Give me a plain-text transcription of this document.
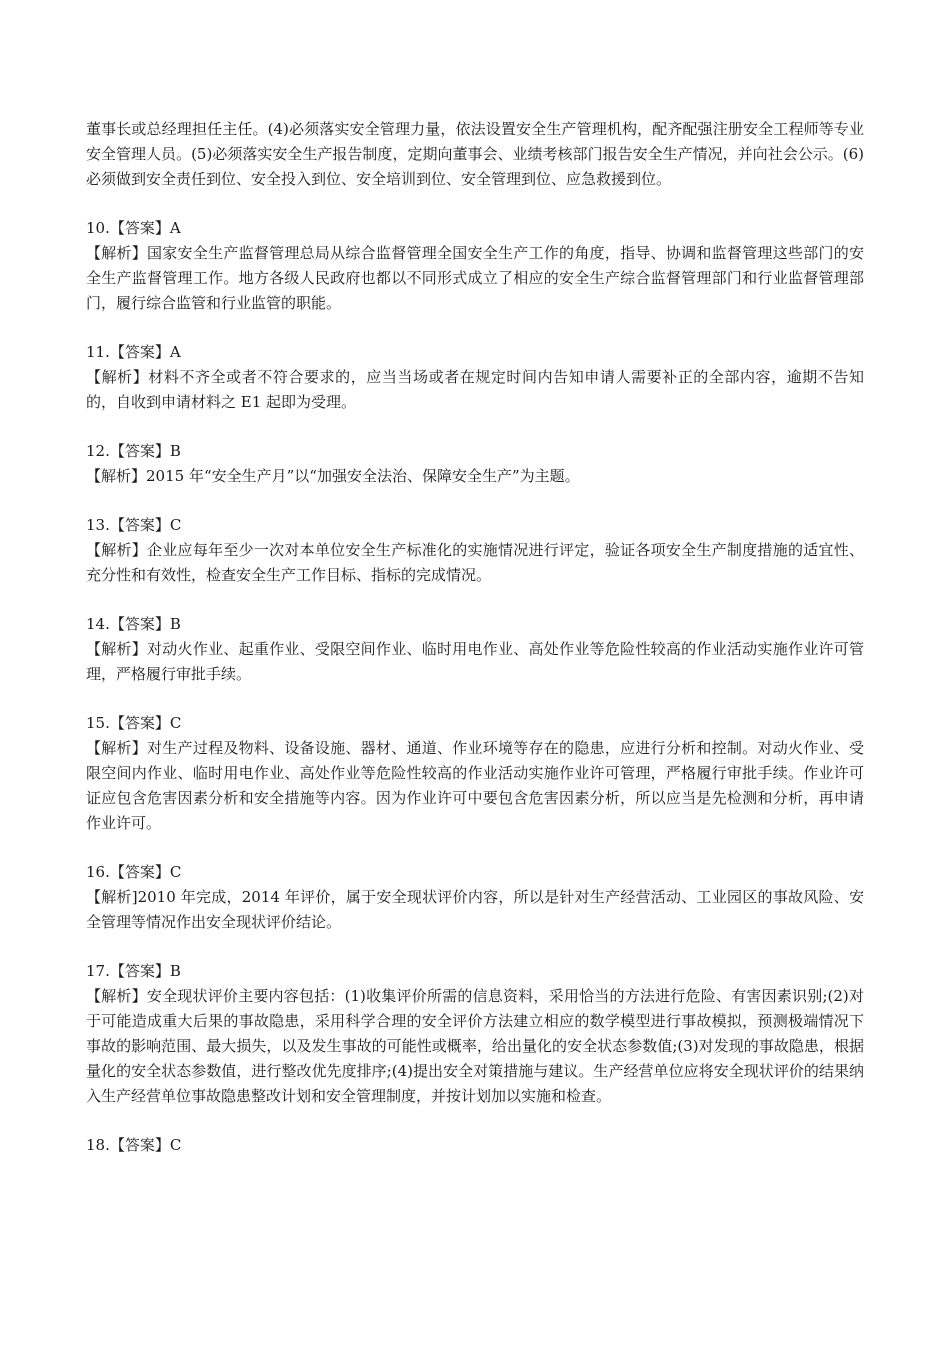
董事长或总经理担任主任。(4)必须落实安全管理力量，依法设置安全生产管理机构，配齐配强注册安全工程师等专业安全管理人员。(5)必须落实安全生产报告制度，定期向董事会、业绩考核部门报告安全生产情况，并向社会公示。(6)必须做到安全责任到位、安全投入到位、安全培训到位、安全管理到位、应急救援到位。

10.【答案】A

【解析】国家安全生产监督管理总局从综合监督管理全国安全生产工作的角度，指导、协调和监督管理这些部门的安全生产监督管理工作。地方各级人民政府也都以不同形式成立了相应的安全生产综合监督管理部门和行业监督管理部门，履行综合监管和行业监管的职能。

11.【答案】A

【解析】材料不齐全或者不符合要求的，应当当场或者在规定时间内告知申请人需要补正的全部内容，逾期不告知的，自收到申请材料之 E1 起即为受理。

12.【答案】B

【解析】2015 年“安全生产月”以“加强安全法治、保障安全生产”为主题。

13.【答案】C

【解析】企业应每年至少一次对本单位安全生产标准化的实施情况进行评定，验证各项安全生产制度措施的适宜性、充分性和有效性，检查安全生产工作目标、指标的完成情况。

14.【答案】B

【解析】对动火作业、起重作业、受限空间作业、临时用电作业、高处作业等危险性较高的作业活动实施作业许可管理，严格履行审批手续。

15.【答案】C

【解析】对生产过程及物料、设备设施、器材、通道、作业环境等存在的隐患，应进行分析和控制。对动火作业、受限空间内作业、临时用电作业、高处作业等危险性较高的作业活动实施作业许可管理，严格履行审批手续。作业许可证应包含危害因素分析和安全措施等内容。因为作业许可中要包含危害因素分析，所以应当是先检测和分析，再申请作业许可。

16.【答案】C

【解析]2010 年完成，2014 年评价，属于安全现状评价内容，所以是针对生产经营活动、工业园区的事故风险、安全管理等情况作出安全现状评价结论。

17.【答案】B

【解析】安全现状评价主要内容包括：(1)收集评价所需的信息资料，采用恰当的方法进行危险、有害因素识别;(2)对于可能造成重大后果的事故隐患，采用科学合理的安全评价方法建立相应的数学模型进行事故模拟，预测极端情况下事故的影响范围、最大损失，以及发生事故的可能性或概率，给出量化的安全状态参数值;(3)对发现的事故隐患，根据量化的安全状态参数值，进行整改优先度排序;(4)提出安全对策措施与建议。生产经营单位应将安全现状评价的结果纳入生产经营单位事故隐患整改计划和安全管理制度，并按计划加以实施和检查。

18.【答案】C
